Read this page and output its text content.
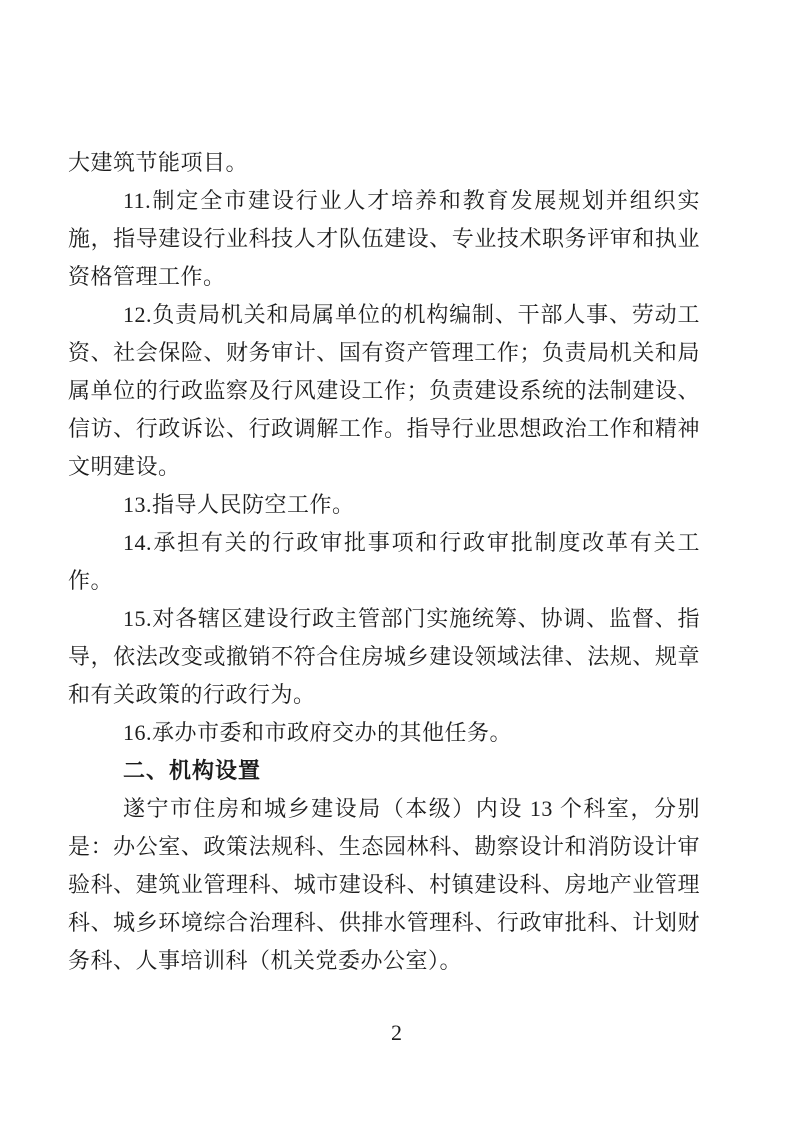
大建筑节能项目。

11.制定全市建设行业人才培养和教育发展规划并组织实施，指导建设行业科技人才队伍建设、专业技术职务评审和执业资格管理工作。

12.负责局机关和局属单位的机构编制、干部人事、劳动工资、社会保险、财务审计、国有资产管理工作；负责局机关和局属单位的行政监察及行风建设工作；负责建设系统的法制建设、信访、行政诉讼、行政调解工作。指导行业思想政治工作和精神文明建设。

13.指导人民防空工作。

14.承担有关的行政审批事项和行政审批制度改革有关工作。

15.对各辖区建设行政主管部门实施统筹、协调、监督、指导，依法改变或撤销不符合住房城乡建设领域法律、法规、规章和有关政策的行政行为。

16.承办市委和市政府交办的其他任务。

二、机构设置

遂宁市住房和城乡建设局（本级）内设 13 个科室，分别是：办公室、政策法规科、生态园林科、勘察设计和消防设计审验科、建筑业管理科、城市建设科、村镇建设科、房地产业管理科、城乡环境综合治理科、供排水管理科、行政审批科、计划财务科、人事培训科（机关党委办公室）。

2
